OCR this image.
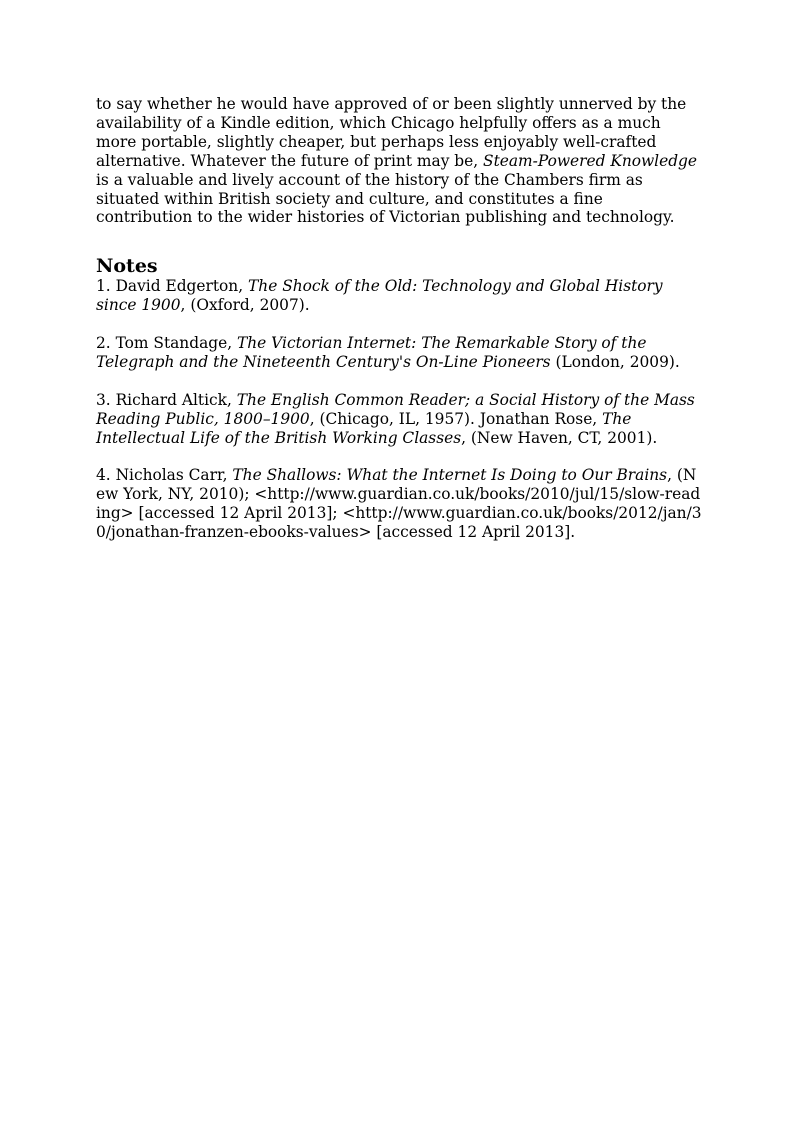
to say whether he would have approved of or been slightly unnerved by the availability of a Kindle edition, which Chicago helpfully offers as a much more portable, slightly cheaper, but perhaps less enjoyably well-crafted alternative. Whatever the future of print may be, Steam-Powered Knowledge is a valuable and lively account of the history of the Chambers firm as situated within British society and culture, and constitutes a fine contribution to the wider histories of Victorian publishing and technology.

Notes

1. David Edgerton, The Shock of the Old: Technology and Global History since 1900, (Oxford, 2007).

2. Tom Standage, The Victorian Internet: The Remarkable Story of the Telegraph and the Nineteenth Century's On-Line Pioneers (London, 2009).

3. Richard Altick, The English Common Reader; a Social History of the Mass Reading Public, 1800–1900, (Chicago, IL, 1957). Jonathan Rose, The Intellectual Life of the British Working Classes, (New Haven, CT, 2001).

4. Nicholas Carr, The Shallows: What the Internet Is Doing to Our Brains, (New York, NY, 2010); <http://www.guardian.co.uk/books/2010/jul/15/slow-reading> [accessed 12 April 2013]; <http://www.guardian.co.uk/books/2012/jan/30/jonathan-franzen-ebooks-values> [accessed 12 April 2013].
